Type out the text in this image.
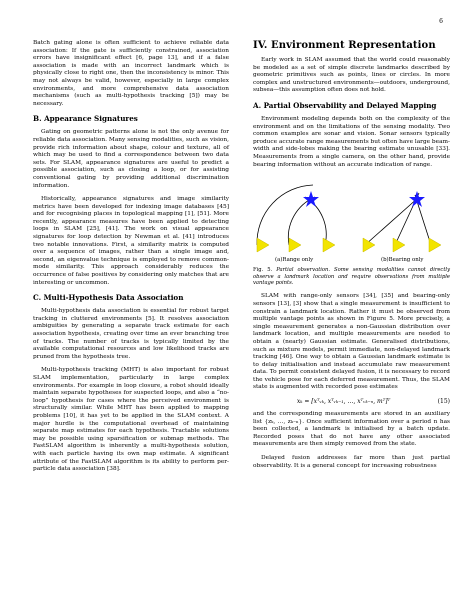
6

Batch gating alone is often sufficient to achieve reliable data association: If the gate is sufficiently constrained, association errors have insignificant effect [6, page 13], and if a false association is made with an incorrect landmark which is physically close to right one, then the inconsistency is minor. This may not always be valid, however, especially in large complex environments, and more comprehensive data association mechanisms (such as multi-hypothesis tracking [5]) may be necessary.

B. Appearance Signatures

Gating on geometric patterns alone is not the only avenue for reliable data association. Many sensing modalities, such as vision, provide rich information about shape, colour and texture, all of which may be used to find a correspondence between two data sets. For SLAM, appearance signatures are useful to predict a possible association, such as closing a loop, or for assisting conventional gating by providing additional discrimination information.

Historically, appearance signatures and image similarity metrics have been developed for indexing image databases [45] and for recognising places in topological mapping [1], [51]. More recently, appearance measures have been applied to detecting loops in SLAM [25], [41]. The work on visual appearance signatures for loop detection by Newman et al. [41] introduces two notable innovations. First, a similarity matrix is computed over a sequence of images, rather than a single image and, second, an eigenvalue technique is employed to remove common-mode similarity. This approach considerably reduces the occurrence of false positives by considering only matches that are interesting or uncommon.

C. Multi-Hypothesis Data Association

Multi-hypothesis data association is essential for robust target tracking in cluttered environments [5]. It resolves association ambiguities by generating a separate track estimate for each association hypothesis, creating over time an ever branching tree of tracks. The number of tracks is typically limited by the available computational resources and low likelihood tracks are pruned from the hypothesis tree.

Multi-hypothesis tracking (MHT) is also important for robust SLAM implementation, particularly in large complex environments. For example in loop closure, a robot should ideally maintain separate hypotheses for suspected loops, and also a “no-loop” hypothesis for cases where the perceived environment is structurally similar. While MHT has been applied to mapping problems [10], it has yet to be applied in the SLAM context. A major hurdle is the computational overhead of maintaining separate map estimates for each hypothesis. Tractable solutions may be possible using sparsification or submap methods. The FastSLAM algorithm is inherently a multi-hypothesis solution, with each particle having its own map estimate. A significant attribute of the FastSLAM algorithm is its ability to perform per-particle data association [38].

IV. Environment Representation

Early work in SLAM assumed that the world could reasonably be modeled as a set of simple discrete landmarks described by geometric primitives such as points, lines or circles. In more complex and unstructured environments—outdoors, underground, subsea—this assumption often does not hold.

A. Partial Observability and Delayed Mapping

Environment modeling depends both on the complexity of the environment and on the limitations of the sensing modality. Two common examples are sonar and vision. Sonar sensors typically produce accurate range measurements but often have large beam-width and side-lobes making the bearing estimate unusable [33]. Measurements from a single camera, on the other hand, provide bearing information without an accurate indication of range.

(a)Range only	(b)Bearing only
Fig. 5. Partial observation. Some sensing modalities cannot directly observe a landmark location and require observations from multiple vantage points.

SLAM with range-only sensors [34], [35] and bearing-only sensors [13], [3] show that a single measurement is insufficient to constrain a landmark location. Rather it must be observed from multiple vantage points as shown in Figure 5. More precisely, a single measurement generates a non-Gaussian distribution over landmark location, and multiple measurements are needed to obtain a (nearly) Gaussian estimate. Generalised distributions, such as mixture models, permit immediate, non-delayed landmark tracking [46]. One way to obtain a Gaussian landmark estimate is to delay initialisation and instead accumulate raw measurement data. To permit consistent delayed fusion, it is necessary to record the vehicle pose for each deferred measurement. Thus, the SLAM state is augmented with recorded pose estimates

xₖ = [xᵀᵥₖ, xᵀᵥₖ₋₁, …, xᵀᵥₖ₋ₙ, mᵀ]ᵀ	(15)

and the corresponding measurements are stored in an auxiliary list {zₖ, …, zₖ₋ₙ}. Once sufficient information over a period n has been collected, a landmark is initialised by a batch update. Recorded poses that do not have any other associated measurements are then simply removed from the state.

Delayed fusion addresses far more than just partial observability. It is a general concept for increasing robustness
